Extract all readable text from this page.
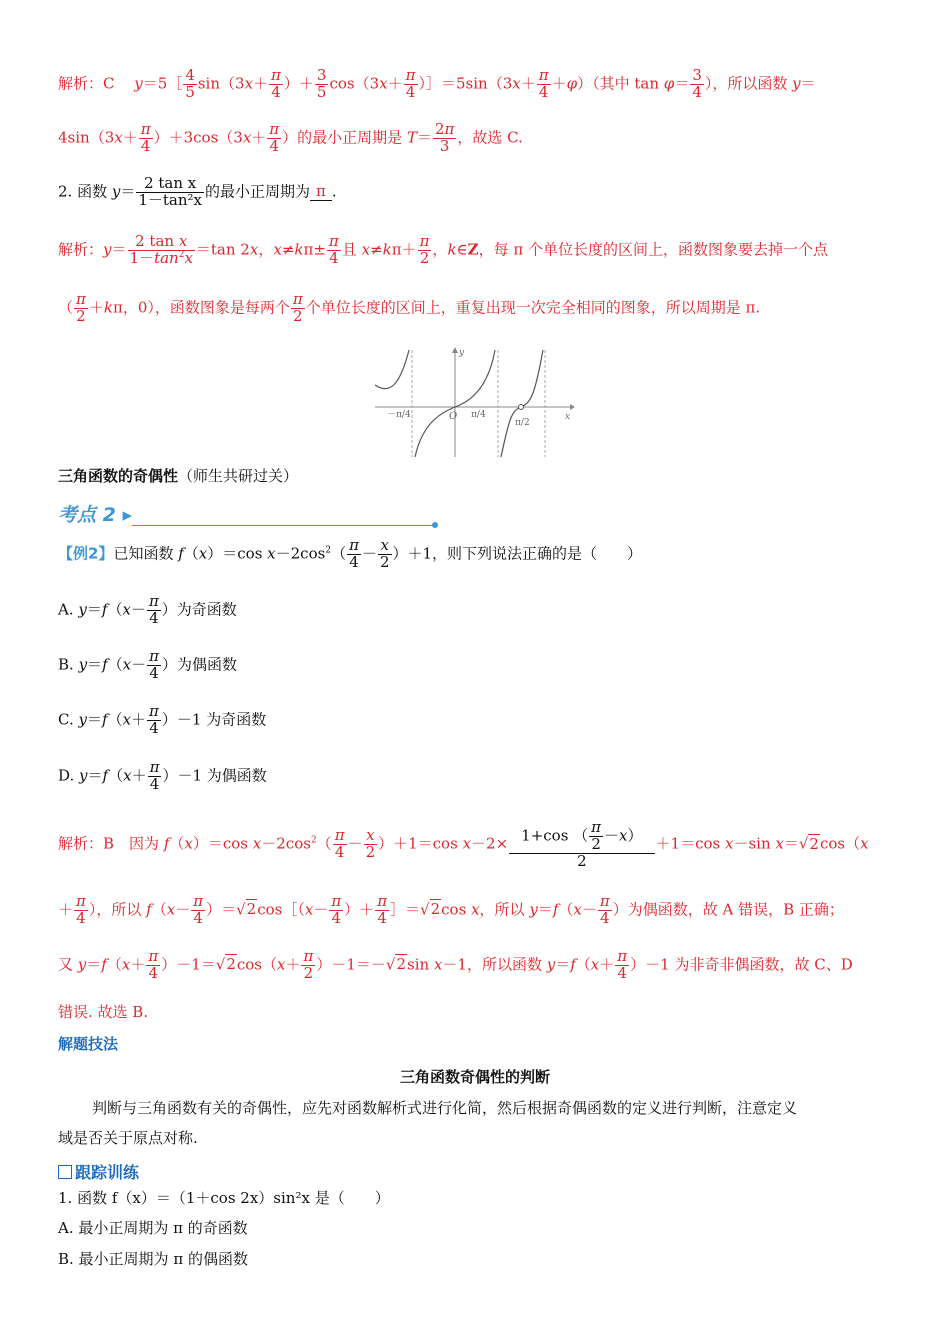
解析：C　 y＝5［ $\frac{4}{5} \sin(3x+ \frac{\pi}{4}$ ）＋ $\frac{3}{5} \cos(3x+ \frac{\pi}{4}$ ）］＝5sin（3x＋ $\frac{\pi}{4} +\varphi$）（其中 $\tan \varphi= \frac{3}{4}$ ），所以函数 y＝
$4\sin(3x+ \frac{\pi}{4} )+3\cos(3x+ \frac{\pi}{4}$ ）的最小正周期是 $T= \frac{2\pi}{3}$ ，故选 C.
2. 函数 $y= \frac{\text{2 tan x}}{\text{1－tan²x}}$ 的最小正周期为 π .
解析：$y= \frac{\text{2 tan x}}{1-\tan^2x} =\tan$ 2x，$x\ne k\pi\pm \frac{\pi}{4}$ 且 $x\ne k\pi+ \frac{\pi}{2}$ ，k∈Z，每 π 个单位长度的区间上，函数图象要去掉一个点
（ $\frac{\pi}{2} +k\pi$，0），函数图象是每两个 $\frac{\pi}{2}$ 个单位长度的区间上，重复出现一次完全相同的图象，所以周期是 π.
y
x
O
－π/4	π/4
π/2
三角函数的奇偶性（师生共研过关）
考点 2 ▸
【例2】已知函数 f（x）＝cos $x-2\cos^2( \frac{\pi}{4} - \frac{x}{2} )+1$，则下列说法正确的是（　　）
A. $y=f(x- \frac{\pi}{4}$ ）为奇函数
B. $y=f(x- \frac{\pi}{4}$ ）为偶函数
C. $y=f(x+ \frac{\pi}{4} )-1$ 为奇函数
D. $y=f(x+ \frac{\pi}{4} )-1$ 为偶函数
解析：B　因为 f（x）＝cos $x-2\cos^2( \frac{\pi}{4} - \frac{x}{2} )+1=\cos$ $x-2\times \frac{1+\cos ( \frac{\pi}{2} -x)}{2} +1=\cos$ x－sin x＝√2cos（x
＋ $\frac{\pi}{4}$ ），所以 $f(x- \frac{\pi}{4}$ ）＝√2cos［（x－ $\frac{\pi}{4}$ ）＋ $\frac{\pi}{4}$ ］＝√2cos x，所以 $y=f(x- \frac{\pi}{4}$ ）为偶函数，故 A 错误，B 正确；
又 $y=f(x+ \frac{\pi}{4} )-1=√2\cos(x+ \frac{\pi}{2} )-1=-√2\sin$ x－1，所以函数 $y=f(x+ \frac{\pi}{4} )-1$ 为非奇非偶函数，故 C、D
错误. 故选 B.
解题技法
三角函数奇偶性的判断
判断与三角函数有关的奇偶性，应先对函数解析式进行化简，然后根据奇偶函数的定义进行判断，注意定义
域是否关于原点对称.
跟踪训练
1. 函数 f（x）＝（1＋cos 2x）sin²x 是（　　）
A. 最小正周期为 π 的奇函数
B. 最小正周期为 π 的偶函数
